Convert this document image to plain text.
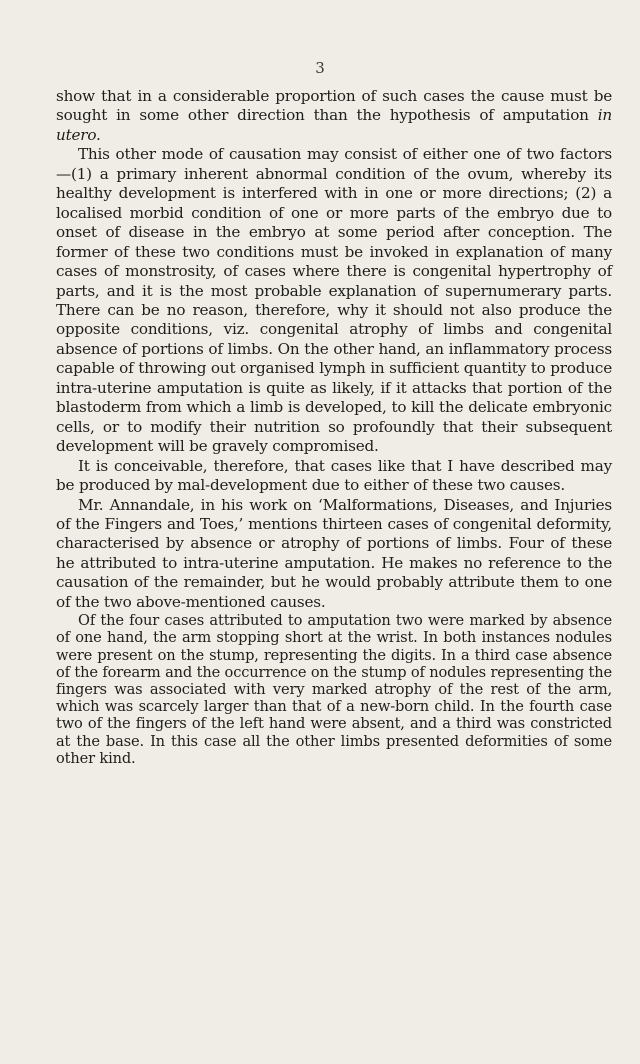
3

show that in a considerable proportion of such cases the cause must be sought in some other direction than the hypothesis of amputation in utero.

This other mode of causation may consist of either one of two factors—(1) a primary inherent abnormal condition of the ovum, whereby its healthy development is interfered with in one or more directions; (2) a localised morbid condition of one or more parts of the embryo due to onset of disease in the embryo at some period after conception. The former of these two conditions must be invoked in explanation of many cases of monstrosity, of cases where there is congenital hypertrophy of parts, and it is the most probable explanation of supernumerary parts. There can be no reason, therefore, why it should not also produce the opposite conditions, viz. congenital atrophy of limbs and congenital absence of portions of limbs. On the other hand, an inflammatory process capable of throwing out organised lymph in sufficient quantity to produce intra-uterine amputation is quite as likely, if it attacks that portion of the blastoderm from which a limb is developed, to kill the delicate embryonic cells, or to modify their nutrition so profoundly that their subsequent development will be gravely compromised.

It is conceivable, therefore, that cases like that I have described may be produced by mal-development due to either of these two causes.

Mr. Annandale, in his work on ‘Malformations, Diseases, and Injuries of the Fingers and Toes,’ mentions thirteen cases of congenital deformity, characterised by absence or atrophy of portions of limbs. Four of these he attributed to intra-uterine amputation. He makes no reference to the causation of the remainder, but he would probably attribute them to one of the two above-mentioned causes.

Of the four cases attributed to amputation two were marked by absence of one hand, the arm stopping short at the wrist. In both instances nodules were present on the stump, representing the digits. In a third case absence of the forearm and the occurrence on the stump of nodules representing the fingers was associated with very marked atrophy of the rest of the arm, which was scarcely larger than that of a new-born child. In the fourth case two of the fingers of the left hand were absent, and a third was constricted at the base. In this case all the other limbs presented deformities of some other kind.
